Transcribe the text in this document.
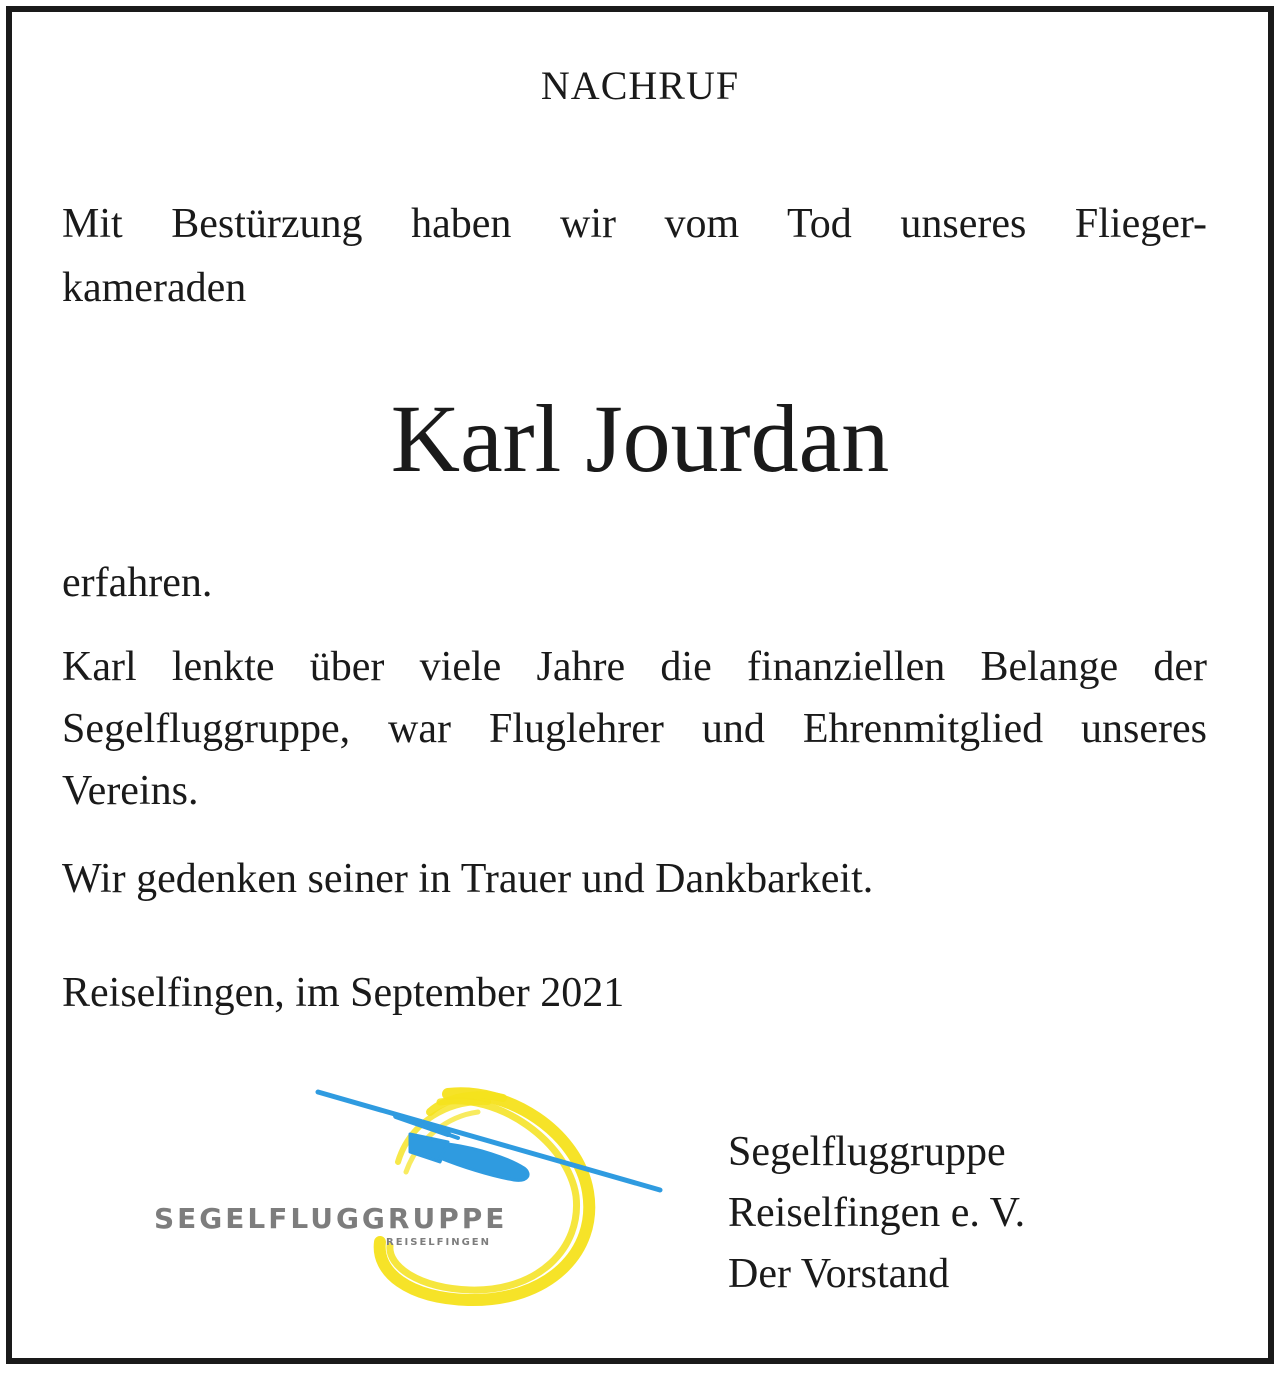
NACHRUF
Mit Bestürzung haben wir vom Tod unseres Flieger-
kameraden
Karl Jourdan
erfahren.
Karl lenkte über viele Jahre die finanziellen Belange der
Segelfluggruppe, war Fluglehrer und Ehrenmitglied unseres
Vereins.
Wir gedenken seiner in Trauer und Dankbarkeit.
Reiselfingen, im September 2021
SEGELFLUGGRUPPE
REISELFINGEN
Segelfluggruppe
Reiselfingen e. V.
Der Vorstand
